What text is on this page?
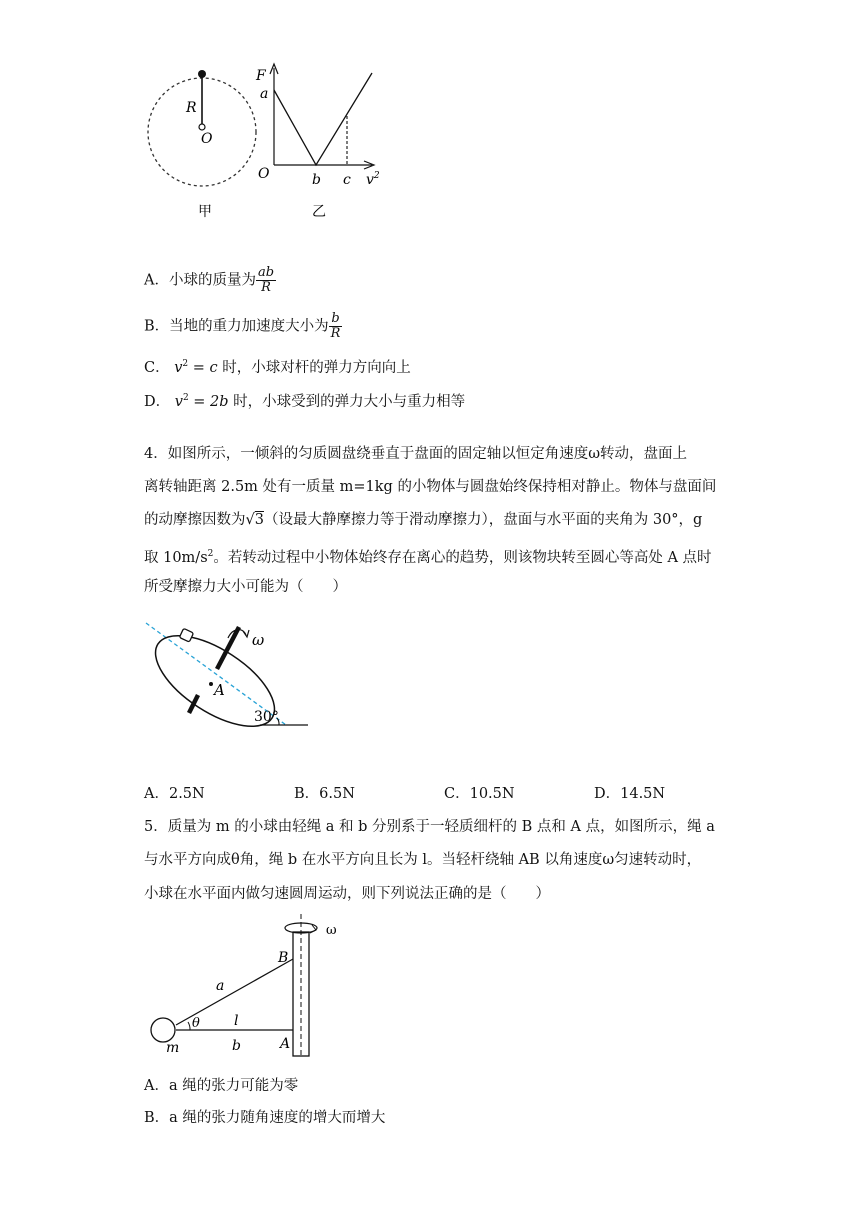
R
O
甲
F
a
O	b c $v^2$
乙
A．小球的质量为 $\frac{ab}{R}$
B．当地的重力加速度大小为 $\frac{b}{R}$
C． $v^2 = c$ 时，小球对杆的弹力方向向上
D． $v^2 = 2b$ 时，小球受到的弹力大小与重力相等
4．如图所示，一倾斜的匀质圆盘绕垂直于盘面的固定轴以恒定角速度ω转动，盘面上
离转轴距离 2.5m 处有一质量 m=1kg 的小物体与圆盘始终保持相对静止。物体与盘面间
的动摩擦因数为√3（设最大静摩擦力等于滑动摩擦力），盘面与水平面的夹角为 30°，g
取 $10m/s^2$。若转动过程中小物体始终存在离心的趋势，则该物块转至圆心等高处 A 点时
所受摩擦力大小可能为（　　）
ω
A
30°
A．2.5N	B．6.5N	C．10.5N	D．14.5N
5．质量为 m 的小球由轻绳 a 和 b 分别系于一轻质细杆的 B 点和 A 点，如图所示，绳 a
与水平方向成θ角，绳 b 在水平方向且长为 l。当轻杆绕轴 AB 以角速度ω匀速转动时，
小球在水平面内做匀速圆周运动，则下列说法正确的是（　　）
ω
B
a
θ l
m	b	A
A．a 绳的张力可能为零
B．a 绳的张力随角速度的增大而增大
